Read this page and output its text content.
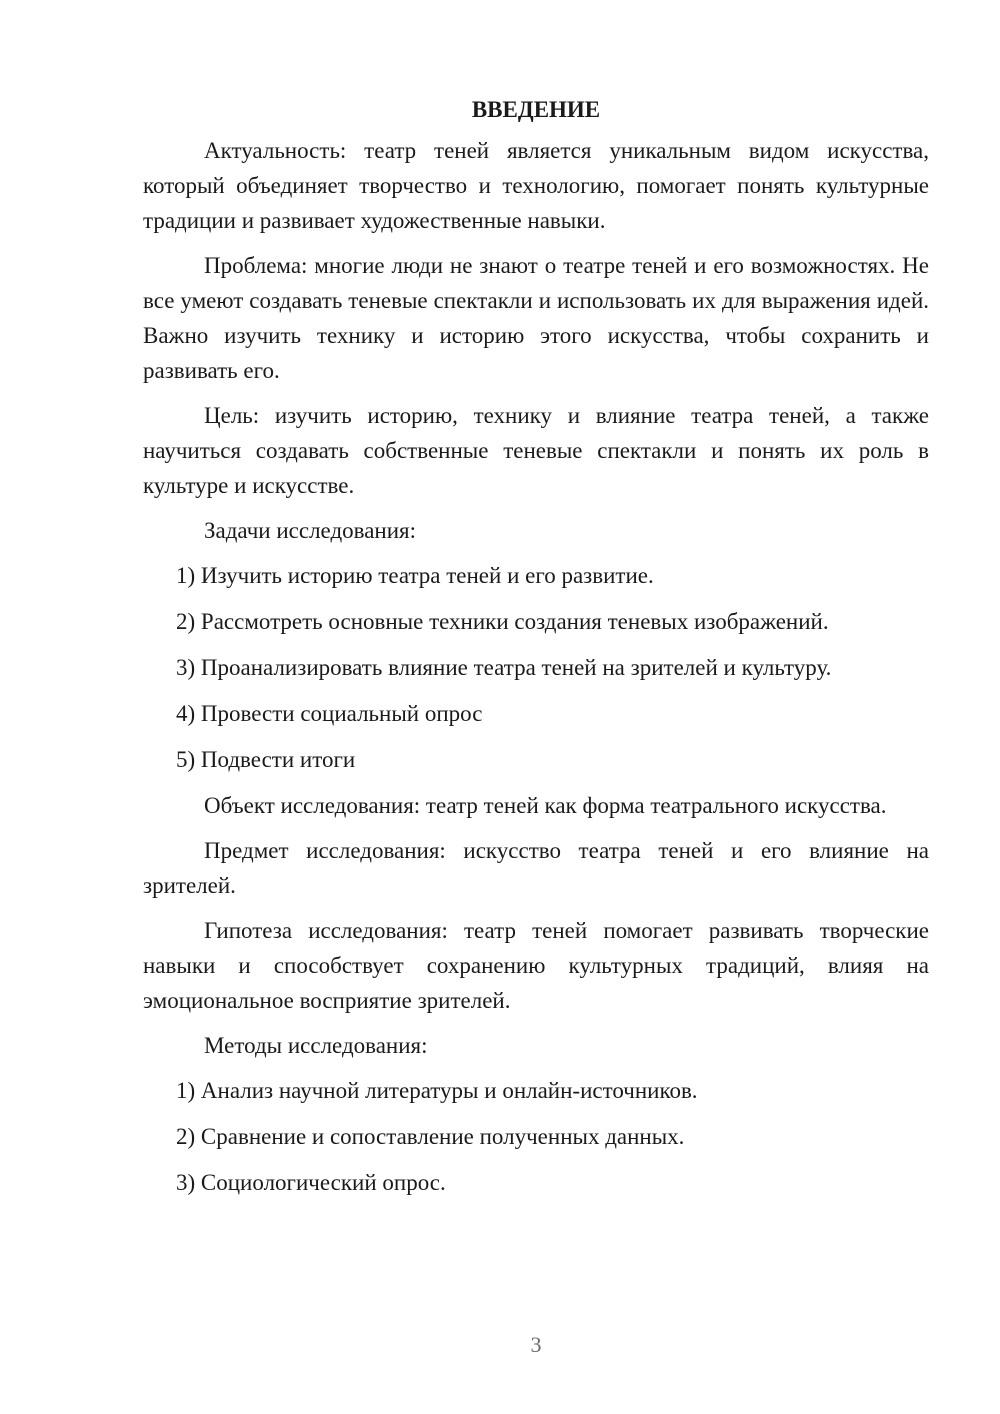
ВВЕДЕНИЕ

Актуальность: театр теней является уникальным видом искусства, который объединяет творчество и технологию, помогает понять культурные традиции и развивает художественные навыки.

Проблема: многие люди не знают о театре теней и его возможностях. Не все умеют создавать теневые спектакли и использовать их для выражения идей. Важно изучить технику и историю этого искусства, чтобы сохранить и развивать его.

Цель: изучить историю, технику и влияние театра теней, а также научиться создавать собственные теневые спектакли и понять их роль в культуре и искусстве.

Задачи исследования:

1) Изучить историю театра теней и его развитие.
2) Рассмотреть основные техники создания теневых изображений.
3) Проанализировать влияние театра теней на зрителей и культуру.
4) Провести социальный опрос
5) Подвести итоги

Объект исследования: театр теней как форма театрального искусства.

Предмет исследования: искусство театра теней и его влияние на зрителей.

Гипотеза исследования: театр теней помогает развивать творческие навыки и способствует сохранению культурных традиций, влияя на эмоциональное восприятие зрителей.

Методы исследования:

1) Анализ научной литературы и онлайн-источников.
2) Сравнение и сопоставление полученных данных.
3) Социологический опрос.
3
